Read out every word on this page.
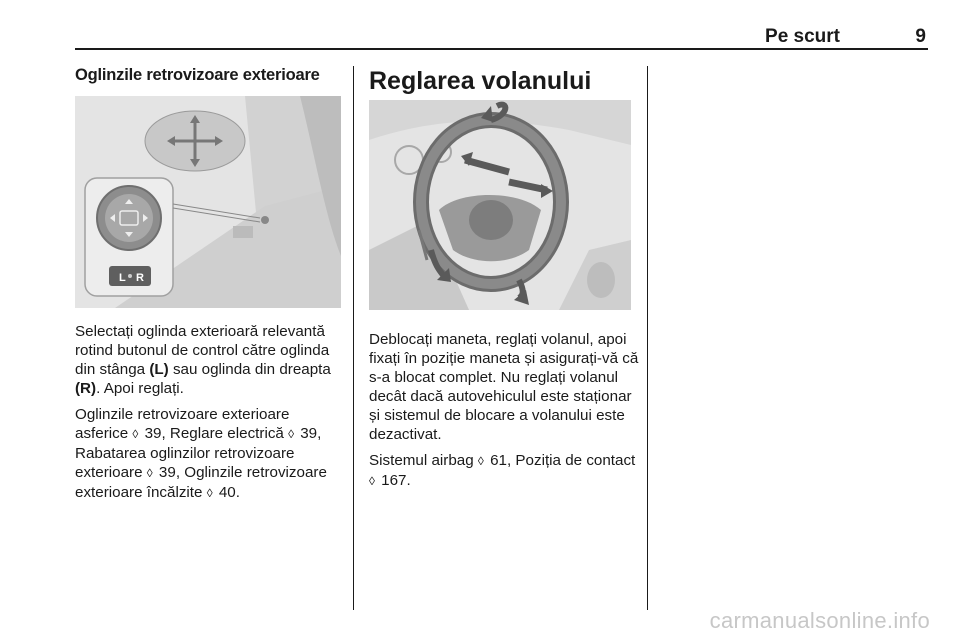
Pe scurt	9
Oglinzile retrovizoare exterioare
L R

Selectați oglinda exterioară relevantă rotind butonul de control către oglinda din stânga (L) sau oglinda din dreapta (R). Apoi reglați.

Oglinzile retrovizoare exterioare asferice ◊ 39, Reglare electrică ◊ 39, Rabatarea oglinzilor retrovizoare exterioare ◊ 39, Oglinzile retrovizoare exterioare încălzite ◊ 40.

Reglarea volanului

Deblocați maneta, reglați volanul, apoi fixați în poziție maneta și asigurați-vă că s-a blocat complet. Nu reglați volanul decât dacă autovehiculul este staționar și sistemul de blocare a volanului este dezactivat.

Sistemul airbag ◊ 61, Poziția de contact ◊ 167.

carmanualsonline.info
